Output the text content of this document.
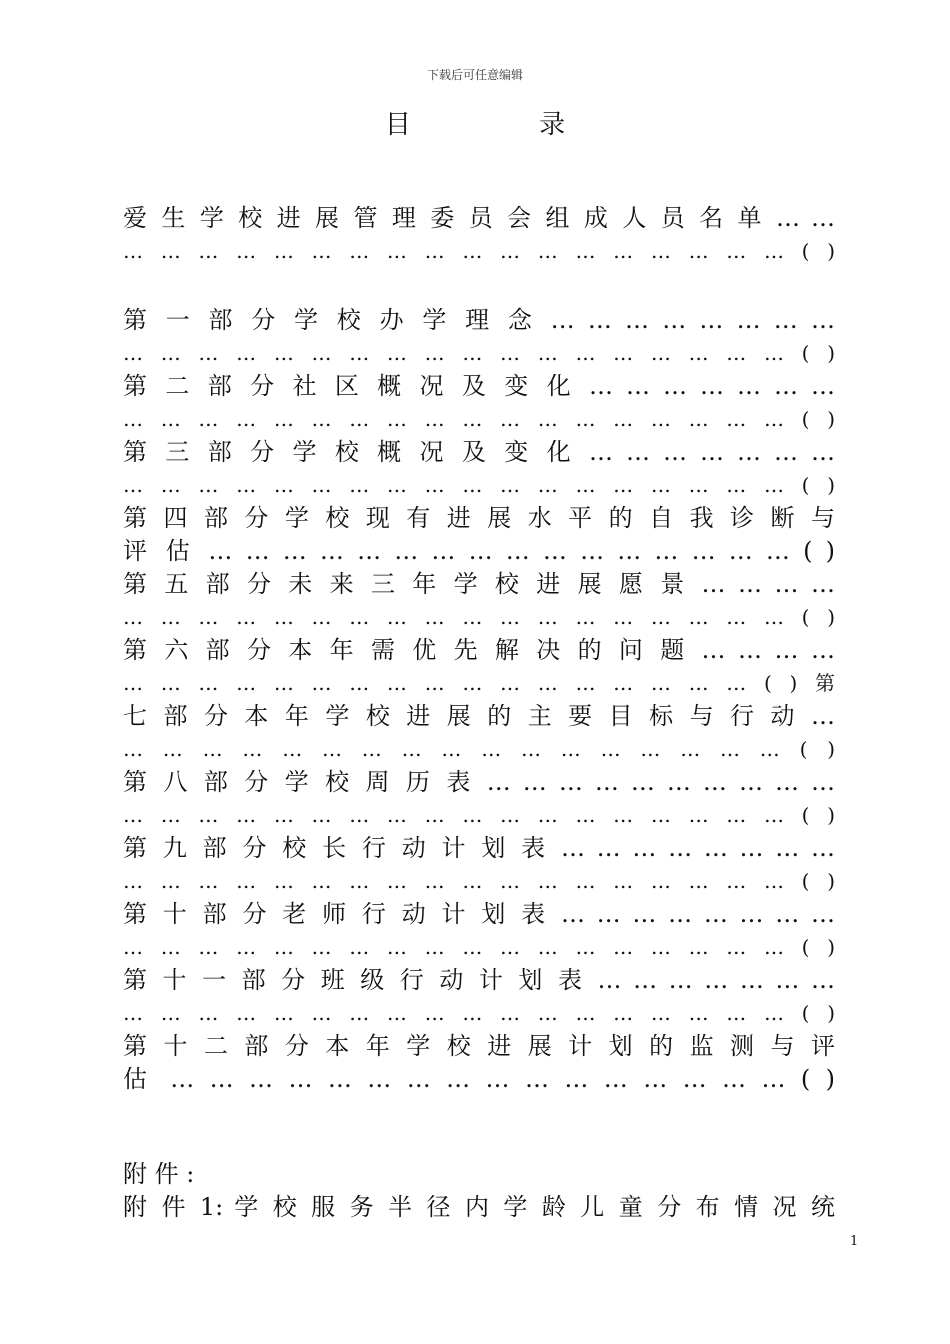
下载后可任意编辑
目 录
爱 生 学 校 进 展 管 理 委 员 会 组 成 人 员 名 单 … …
… … … … … … … … … … … … … … … … … … ( )
第 一 部 分 学 校 办 学 理 念 … … … … … … … …
… … … … … … … … … … … … … … … … … … ( )
第 二 部 分 社 区 概 况 及 变 化 … … … … … … …
… … … … … … … … … … … … … … … … … … ( )
第 三 部 分 学 校 概 况 及 变 化 … … … … … … …
… … … … … … … … … … … … … … … … … … ( )
第 四 部 分 学 校 现 有 进 展 水 平 的 自 我 诊 断 与
评 估 … … … … … … … … … … … … … … … … ( )
第 五 部 分 未 来 三 年 学 校 进 展 愿 景 … … … …
… … … … … … … … … … … … … … … … … … ( )
第 六 部 分 本 年 需 优 先 解 决 的 问 题 … … … …
… … … … … … … … … … … … … … … … … ( ) 第
七 部 分 本 年 学 校 进 展 的 主 要 目 标 与 行 动 …
… … … … … … … … … … … … … … … … … ( )
第 八 部 分 学 校 周 历 表 … … … … … … … … … …
… … … … … … … … … … … … … … … … … … ( )
第 九 部 分 校 长 行 动 计 划 表 … … … … … … … …
… … … … … … … … … … … … … … … … … … ( )
第 十 部 分 老 师 行 动 计 划 表 … … … … … … … …
… … … … … … … … … … … … … … … … … … ( )
第 十 一 部 分 班 级 行 动 计 划 表 … … … … … … …
… … … … … … … … … … … … … … … … … … ( )
第 十 二 部 分 本 年 学 校 进 展 计 划 的 监 测 与 评
估 … … … … … … … … … … … … … … … … ( )
附 件 :
附 件 1: 学 校 服 务 半 径 内 学 龄 儿 童 分 布 情 况 统
1
